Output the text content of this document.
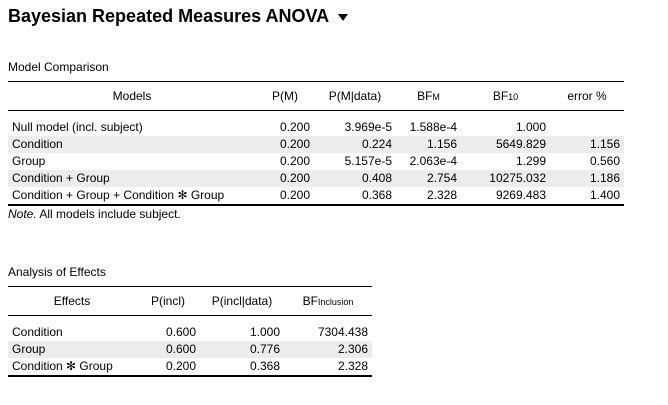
Bayesian Repeated Measures ANOVA
Model Comparison
Models	P(M)	P(M|data)	BFM	BF10	error %

Null model (incl. subject)	0.200	3.969e-5	1.588e-4	1.000	
Condition	0.200	0.224	1.156	5649.829	1.156
Group	0.200	5.157e-5	2.063e-4	1.299	0.560
Condition + Group	0.200	0.408	2.754	10275.032	1.186
Condition + Group + Condition ✻ Group	0.200	0.368	2.328	9269.483	1.400
Note. All models include subject.
Analysis of Effects
Effects	P(incl)	P(incl|data)	BFInclusion

Condition	0.600	1.000	7304.438
Group	0.600	0.776	2.306
Condition ✻ Group	0.200	0.368	2.328
